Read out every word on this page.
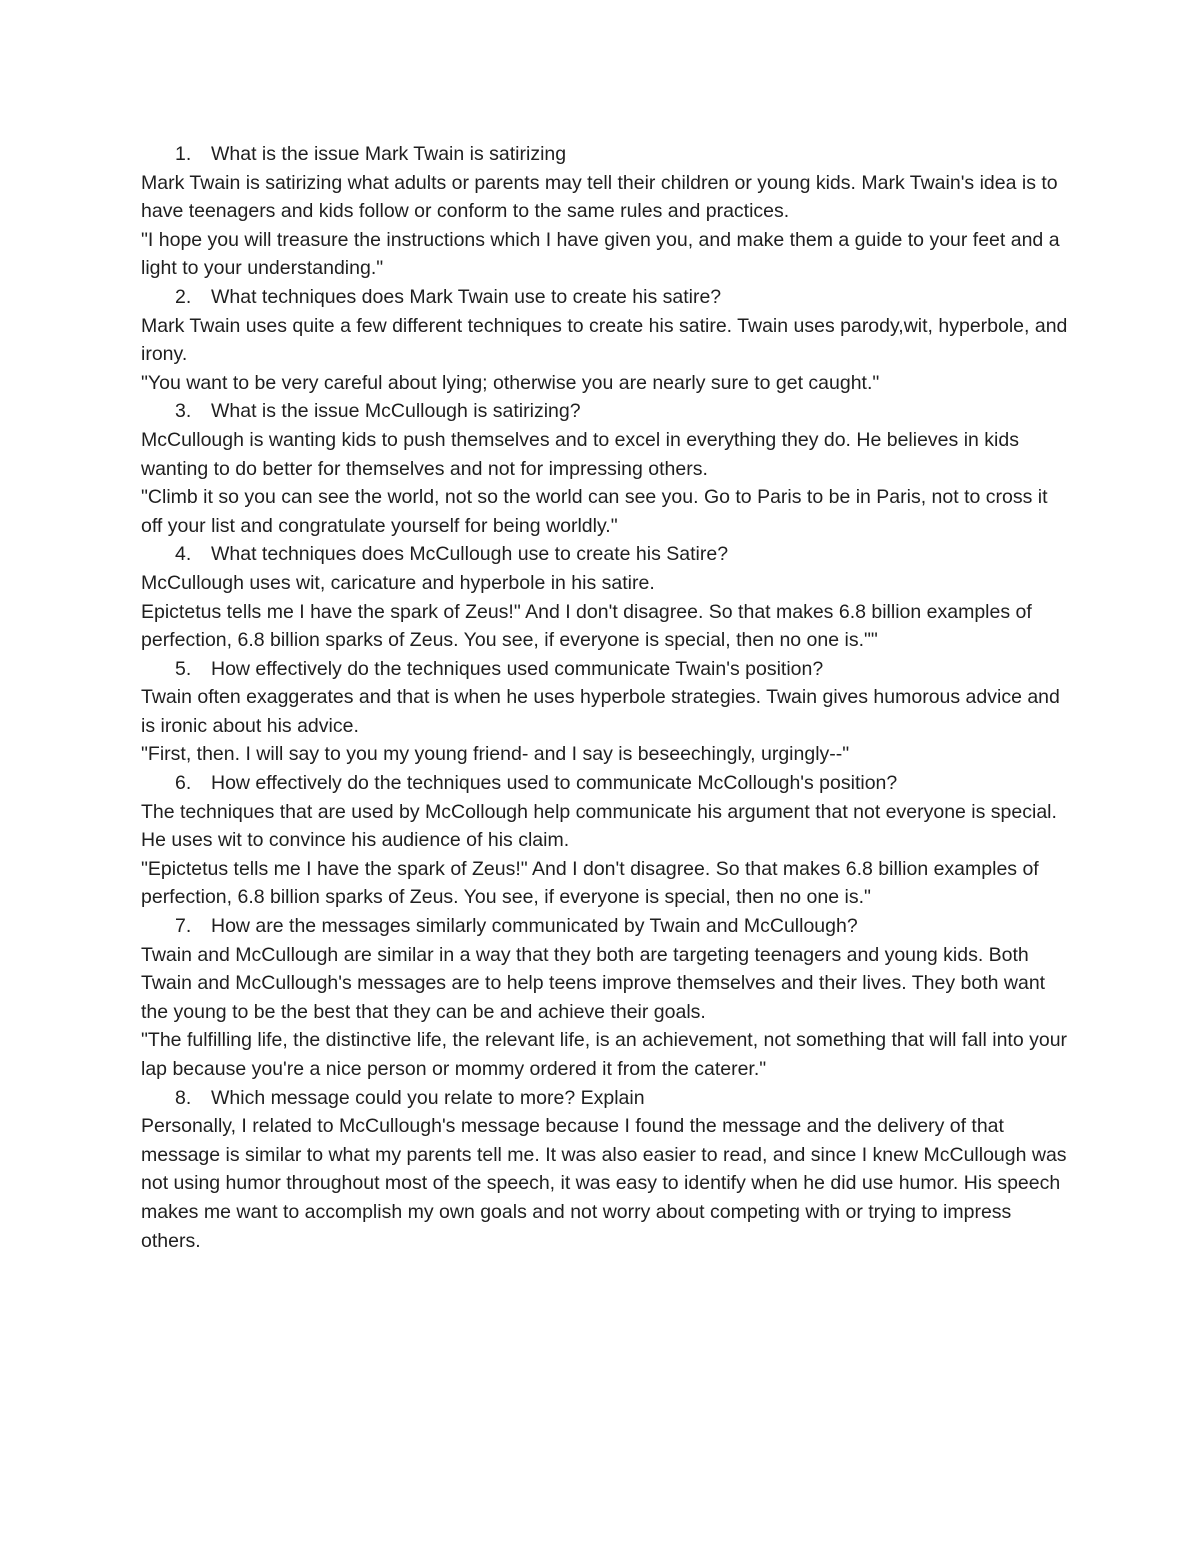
1. What is the issue Mark Twain is satirizing

Mark Twain is satirizing what adults or parents may tell their children or young kids. Mark Twain's idea is to have teenagers and kids follow or conform to the same rules and practices.

"I hope you will treasure the instructions which I have given you, and make them a guide to your feet and a light to your understanding."

2. What techniques does Mark Twain use to create his satire?

Mark Twain uses quite a few different techniques to create his satire. Twain uses parody,wit, hyperbole, and irony.

"You want to be very careful about lying; otherwise you are nearly sure to get caught."

3. What is the issue McCullough is satirizing?

McCullough is wanting kids to push themselves and to excel in everything they do. He believes in kids wanting to do better for themselves and not for impressing others.

"Climb it so you can see the world, not so the world can see you. Go to Paris to be in Paris, not to cross it off your list and congratulate yourself for being worldly."

4. What techniques does McCullough use to create his Satire?

McCullough uses wit, caricature and hyperbole in his satire.

Epictetus tells me I have the spark of Zeus!" And I don't disagree. So that makes 6.8 billion examples of perfection, 6.8 billion sparks of Zeus. You see, if everyone is special, then no one is.""

5. How effectively do the techniques used communicate Twain's position?

Twain often exaggerates and that is when he uses hyperbole strategies. Twain gives humorous advice and is ironic about his advice.

"First, then. I will say to you my young friend- and I say is beseechingly, urgingly--"

6. How effectively do the techniques used to communicate McCollough's position?

The techniques that are used by McCollough help communicate his argument that not everyone is special. He uses wit to convince his audience of his claim.

"Epictetus tells me I have the spark of Zeus!" And I don't disagree. So that makes 6.8 billion examples of perfection, 6.8 billion sparks of Zeus. You see, if everyone is special, then no one is."

7. How are the messages similarly communicated by Twain and McCullough?

Twain and McCullough are similar in a way that they both are targeting teenagers and young kids. Both Twain and McCullough's messages are to help teens improve themselves and their lives. They both want the young to be the best that they can be and achieve their goals.

"The fulfilling life, the distinctive life, the relevant life, is an achievement, not something that will fall into your lap because you're a nice person or mommy ordered it from the caterer."

8. Which message could you relate to more? Explain

Personally, I related to McCullough's message because I found the message and the delivery of that message is similar to what my parents tell me. It was also easier to read, and since I knew McCullough was not using humor throughout most of the speech, it was easy to identify when he did use humor. His speech makes me want to accomplish my own goals and not worry about competing with or trying to impress others.
